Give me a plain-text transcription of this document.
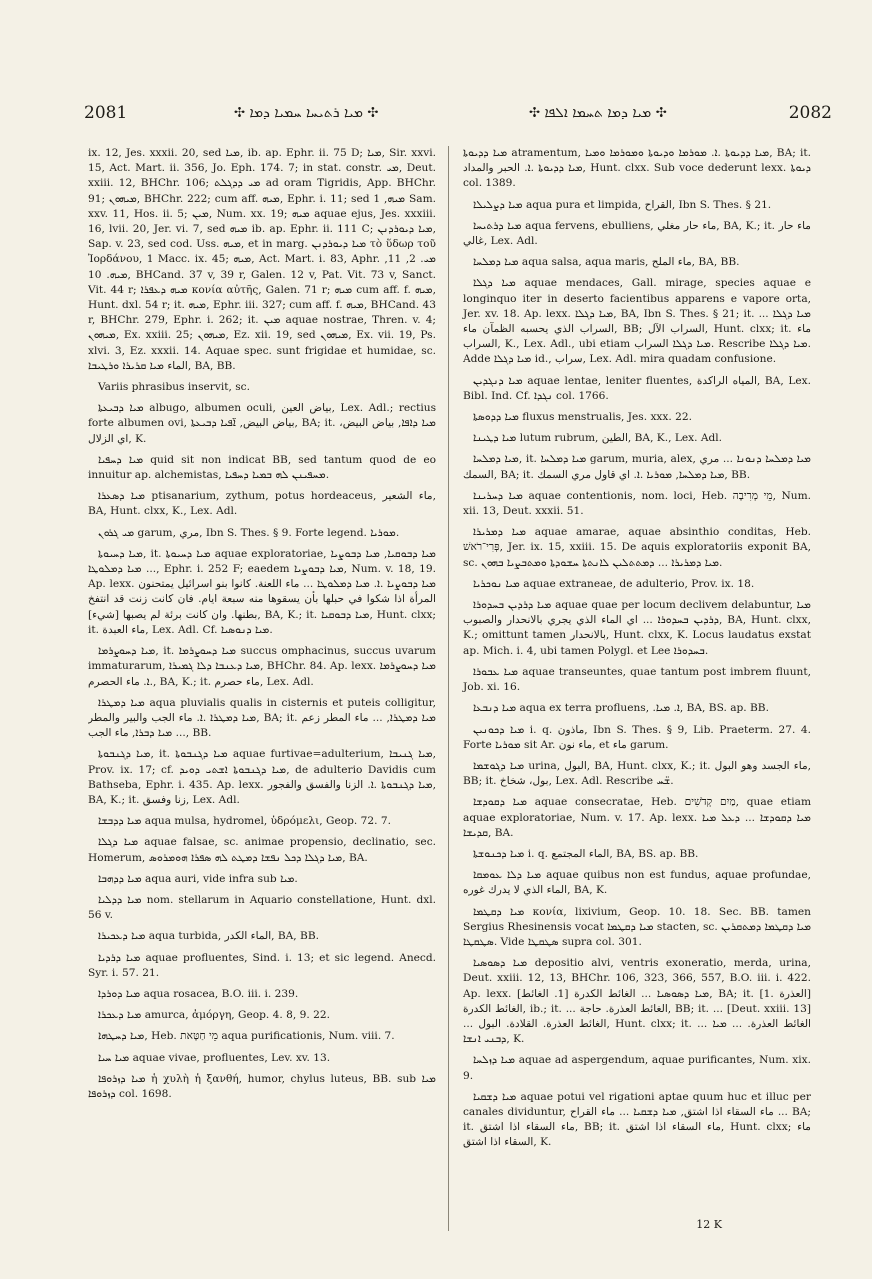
2081	✣ ܡܝܐ ܪܬܝܚܐ ܚܡܝܐ ܕܡܐ ✣	✣ ܡܝܐ ܕܡܐ ܬܚܡܐ ܐܠܦܐ ✣	2082

ix. 12, Jes. xxxii. 20, sed ܡܝܐ, ib. ap. Ephr. ii. 75 D; ܡܝܐ, Sir. xxvi. 15, Act. Mart. ii. 356, Jo. Eph. 174. 7; in stat. constr. ܡܝ, Deut. xxiii. 12, BHChr. 106; ܡܝ ܕܕܓܠܬ ad oram Tigridis, App. BHChr. 91; ܡܝܗܘܢ, BHChr. 222; cum aff. ܡܝܗ, Ephr. i. 11; sed ܡܝܗ, 1 Sam. xxv. 11, Hos. ii. 5; ܡܝܢ, Num. xx. 19; ܡܝܗ aquae ejus, Jes. xxxiii. 16, lvii. 20, Jer. vi. 7, sed ܡܝܗ ib. ap. Ephr. ii. 111 C; ܡܝܐ ܕܝܘܪܕܢܢ, Sap. v. 23, sed cod. Uss. ܡܝܗ, et in marg. ܡܝܐ ܕܝܘܪܕܢܢ τὸ ὕδωρ τοῦ Ἰορδάνου, 1 Macc. ix. 45; ܡܝܗ, Act. Mart. i. 83, Aphr. ܡܝ. 2, 11, ܡܝܗ. 10, BHCand. 37 v, 39 r, Galen. 12 v, Pat. Vit. 73 v, Sanct. Vit. 44 r; ܡܝܗ ܕܥܦܪܐ κονία αὐτῆς, Galen. 71 r; ܡܝܗ cum aff. f. ܡܝܗ, Hunt. dxl. 54 r; it. ܡܝܗ, Ephr. iii. 327; cum aff. f. ܡܝܗ, BHCand. 43 r, BHChr. 279, Ephr. i. 262; it. ܡܝܢ aquae nostrae, Thren. v. 4; ܡܝܗܘܢ, Ex. xxiii. 25; ܡܝܗܘܢ, Ez. xii. 19, sed ܡܝܗܘܢ, Ex. vii. 19, Ps. xlvi. 3, Ez. xxxii. 14. Aquae spec. sunt frigidae et humidae, sc. الماء ܡܝܐ ܩܪܝܪܐ ܘܪܛܝܒܐ, BA, BB.

Variis phrasibus inservit, sc.

ܡܝܐ ܕܒܝܥܬܐ albugo, albumen oculi, بياض العين, Lex. Adl.; rectius forte albumen ovi, بياض البيض, ܐ̈ܦܝܐ ܕܒܝܥܬܐ, BA; it. ܡܝܐ ܕܐܦܐ, بياض البيض، اي الزلال, K.

ܡܝܐ ܕܚܦܝܐ quid sit non indicat BB, sed tantum quod de eo innuitur ap. alchemistas, ܡܚܦܝܢܢ ܠܗ ܒܡܝܐ ܕܚܦܝܐ.

ܡܝܐ ܕܣܥܪܐ ptisanarium, zythum, potus hordeaceus, ماء الشعير, BA, Hunt. clxx, K., Lex. Adl.

ܡܝ ܓܪܘܢ garum, مري, Ibn S. Thes. § 9. Forte legend. ܡܘܪܝܐ.

ܡܝܐ ܕܚܝܘܬܐ, it. ܡܝܐ ܕܚܝܘܬܐ aquae exploratoriae, ܡܝܐ ܕܒܘܩܝܐ, ܡܝܐ ܕܒܘܨܝܐ ... ܡܝܐ ܕܡܠܘܛܐ, Ephr. i. 252 F; eaedem ܡܝܐ ܕܒܘܨܝܐ, Num. v. 18, 19. Ap. lexx. ܡܝܐ ܕܒܘܨܝܐ .ܐ. ܡܝܐ ܕܡܠܘܛܐ ... ماء اللعنة. كانوا بنو اسرائيل يمتحنون المرأة اذا شكوا في حبلها بأن يسقوها منه سبعة ايام. فان كانت زنت قد انتفخ بطنها. وان كانت برئة لم يصبها [شيء], BA, K.; it. ܡܝܐ ܕܒܘܩܝܐ, Hunt. clxx; it. ماء العبدة, Lex. Adl. Cf. ܡܝܐ ܕܢܘܣܝܐ.

ܡܝܐ ܕܚܘܨܪܡܐ, it. ܡܝܐ ܕܚܘܨܪܡܐ succus omphacinus, succus uvarum immaturarum, ܡܝܐ ܕܥܢܒܐ ܕܠܐ ܓܡܝܪܐ, BHChr. 84. Ap. lexx. ܡܝܐ ܕܚܘܨܪܡܐ .ܐ. ماء الحصرم, BA, K.; it. ماء حصرم, Lex. Adl.

ܡܝܐ ܕܡܛܪܐ aqua pluvialis qualis in cisternis et puteis colligitur, ܡܝܐ ܕܡܛܪܐ .ܐ. ماء الجب والبير والمطر, BA; it. ܡܝܐ ܕܡܛܪܐ, ... ماء المطر زعم ... ܡܝܐ ܕܒܪܐ, ماء الجب, BB.

ܡܝܐ ܕܓܢܒܘܬܐ, it. ܡܝܐ ܕܓܢܒܘܬܐ aquae furtivae=adulterium, ܡܝܐ ܓܢܝܒܐ, Prov. ix. 17; cf. ܡܝܐ ܕܓܢܒܘܬܐ ܐܫܬܝ ܕܘܝܕ, de adulterio Davidis cum Bathseba, Ephr. i. 435. Ap. lexx. ܡܝܐ ܕܓܢܒܘܬܐ .ܐ. الزنا والفسق والفجور, BA, K.; it. زنا وفسق, Lex. Adl.

ܡܝܐ ܕܕܒܫܐ aqua mulsa, hydromel, ὑδρόμελι, Geop. 72. 7.

ܡܝܐ ܕܓܠܐ aquae falsae, sc. animae propensio, declinatio, sec. Homerum, ܡܝܐ ܕܓܠܐ ܕܟܠ ܢܦܫܐ ܕܡܛܬ ܠܗ ܣܦܪܐ ܗܘܡܪܘܣ, BA.

ܡܝܐ ܕܕܗܒܐ aqua auri, vide infra sub ܡܝܐ.

ܡܝܐ ܕܕܠܝܐ nom. stellarum in Aquario constellatione, Hunt. dxl. 56 v.

ܡܝܐ ܕܥܟܝܪܐ aqua turbida, الماء الكدر, BA, BB.

ܡܝܐ ܕܪܕܝܐ aquae profluentes, Sind. i. 13; et sic legend. Anecd. Syr. i. 57. 21.

ܡܝܐ ܕܘܪܕܐ aqua rosacea, B.O. iii. i. 239.

ܡܝܐ ܕܥܟܪܐ amurca, ἀμόργη, Geop. 4. 8, 9. 22.

ܡܝܐ ܕܚܛܗܐ, Heb. מֵי חַטָּאת aqua purificationis, Num. viii. 7.

ܡܝܐ ܚܝܐ aquae vivae, profluentes, Lev. xv. 13.

ܡܝܐ ܕܙܪܘܦܐ ἡ χυλὴ ἡ ξανθή, humor, chylus luteus, BB. sub ܡܝܐ ܕܙܪܘܦܐ col. 1698.

ܡܝܐ ܕܕܝܘܬܐ atramentum, ܡܝܐ ܕܕܝܘܬܐ .ܐ. ܡܘܪܡܐ ܘܕܝܘܬܐ ܘܡܘܪܡܐ ܘܡܝܐ, BA; it. ܡܝܐ ܕܕܝܘܬܐ .ܐ. الحبر والمداد, Hunt. clxx. Sub voce dederunt lexx. ܕܝܘܬܐ col. 1389.

ܡܝܐ ܕܨܠܝܠܐ aqua pura et limpida, القراح, Ibn S. Thes. § 21.

ܡܝܐ ܕܪܬܝܚܐ aqua fervens, ebulliens, ماء حار مغلي, BA, K.; it. ماء حار غالي, Lex. Adl.

ܡܝܐ ܕܡܠܚܐ aqua salsa, aqua maris, ماء الملح, BA, BB.

ܡܝܐ ܕܓܠܐ aquae mendaces, Gall. mirage, species aquae e longinquo iter in deserto facientibus apparens e vapore orta, Jer. xv. 18. Ap. lexx. ܡܝܐ ܕܓܠܐ, BA, Ibn S. Thes. § 21; it. ܡܝܐ ܕܓܠܐ ... السراب الذي يحسبه الظمآن ماء, BB; السراب الآل, Hunt. clxx; it. ماء السراب, K., Lex. Adl., ubi etiam ܡܝܐ ܕܓܠܐ السراب. Rescribe ܡܝܐ ܕܓܠܐ. Adde ܡܝܐ ܕܓܠܐ id., سراب, Lex. Adl. mira quadam confusione.

ܡܝܐ ܕܢܓܕܝܢ aquae lentae, leniter fluentes, المياه الراكدة, BA, Lex. Bibl. Ind. Cf. ܢܓܕܐ col. 1766.

ܡܝܐ ܕܕܘܣܬܐ fluxus menstrualis, Jes. xxx. 22.

ܡܝܐ ܕܛܝܢܐ lutum rubrum, الطين, BA, K., Lex. Adl.

ܡܝܐ ܕܡܠܚܐ, it. ܡܝܐ ܕܡܠܚܐ garum, muria, alex, ܡܝܐ ܕܡܠܚܐ ܕܢܘܢܐ ... مري السمك, BA; it. ܡܝܐ ܕܡܠܚܐ, ܡܘܪܝܐ .ܐ. اي قاول مري السمك, BB.

ܡܝܐ ܕܚܪܝܢܐ aquae contentionis, nom. loci, Heb. מֵי מְרִיבָה, Num. xii. 13, Deut. xxxii. 51.

ܡܝܐ ܕܡܪܝܪܐ aquae amarae, aquae absinthio conditas, Heb. פְּרִי־רֹאשׁ, Jer. ix. 15, xxiii. 15. De aquis exploratoriis exponit BA, sc. ܡܝܐ ܕܡܪܝܪܐ ... ܕܡܬܬܠܝܢ ܠܐܢܬܬܐ ܚܫܘܕܬܐ ܘܡܬܒܨܝܐ ܒܗܘܢ.

ܡܝܐ ܢܘܟܪܝܐ aquae extraneae, de adulterio, Prov. ix. 18.

ܡܝܐ ܕܪܕܝܢ ܒܚܕܘܪܐ aquae quae per locum declivem delabuntur, ܡܝܐ ܕܪܕܝܢ ܒܚܕܘܪܐ ... اي الماء الذي يجري بالانحدار والصبوب, BA, Hunt. clxx, K.; omittunt tamen بالانحدار, Hunt. clxx, K. Locus laudatus exstat ap. Mich. i. 4, ubi tamen Polygl. et Lee ܒܚܕܘܪܐ.

ܡܝܐ ܥܒܘܪܐ aquae transeuntes, quae tantum post imbrem fluunt, Job. xi. 16.

ܡܝܐ ܕܢܒܥܐ aqua ex terra profluens, .ܐ. ܡܝܐ, BA, BS. ap. BB.

ܡܝܐ ܕܟܘܢܝܢ i. q. ماذون, Ibn S. Thes. § 9, Lib. Praeterm. 27. 4. Forte ܡܘܪܝܐ sit Ar. ماء نون, et ماء garum.

ܡܝܐ ܕܓܘܫܡܐ urina, البول, BA, Hunt. clxx, K.; it. ماء الجسد وهو البول, BB; it. بول، شخاخ, Lex. Adl. Rescribe ܫ̈ܚ.

ܡܝܐ ܕܩܘܕܫܐ aquae consecratae, Heb. מַיִם קְדֹשִׁים, quae etiam aquae exploratoriae, Num. v. 17. Ap. lexx. ܡܝܐ ܕܩܘܕܫܐ ... ܕܥܠ ܡܝܐ ܩܕܝܫܐ, BA.

ܡܝܐ ܕܟܢܘܫܬܐ i. q. الماء المجتمع, BA, BS. ap. BB.

ܡܝܐ ܕܠܐ ܥܘܡܩܐ aquae quibus non est fundus, aquae profundae, الماء الذي لا يدرك غوره, BA, K.

ܡܝܐ ܕܩܛܡܐ κονία, lixivium, Geop. 10. 18. Sec. BB. tamen Sergius Rhesinensis vocat ܡܝܐ ܕܩܛܡܐ stacten, sc. ܡܝܐ ܕܩܛܡܐ ܕܡܬܩܪܝܢ ܣܛܩܛܐ. Vide ܣܛܩܛܐ supra col. 301.

ܡܝܐ ܕܣܘܣܝܐ depositio alvi, ventris exoneratio, merda, urina, Deut. xxiii. 12, 13, BHChr. 106, 323, 366, 557, B.O. iii. i. 422. Ap. lexx. ܡܝܐ ܕܣܘܣܝܐ ... الغائط الكدرة [1. الغائط], BA; it. [1. العذرة] الغائط الكدرة, ib.; it. ... الغائط العذرة. حاجة, BB; it. ... [Deut. xxiii. 13] ... الغائط العذرة. القلادة. البول, Hunt. clxx; it. ... الغائط العذرة. ... ܡܝܐ ܕܒܢܝ ܐܢܫܐ, K.

ܡܝܐ ܕܙܠܚܐ aquae ad aspergendum, aquae purificantes, Num. xix. 9.

ܡܝܐ ܕܫܩܝܐ aquae potui vel rigationi aptae quum huc et illuc per canales dividuntur, ماء السقاء اذا اشتق, ܡܝܐ ܕܫܩܝܐ ... ماء القراح ... BA; it. ماء السقاء اذا اشتق, BB; it. ماء السقاء اذا اشتق, Hunt. clxx; ماء السقاء اذا اشتق, K.

12 K
